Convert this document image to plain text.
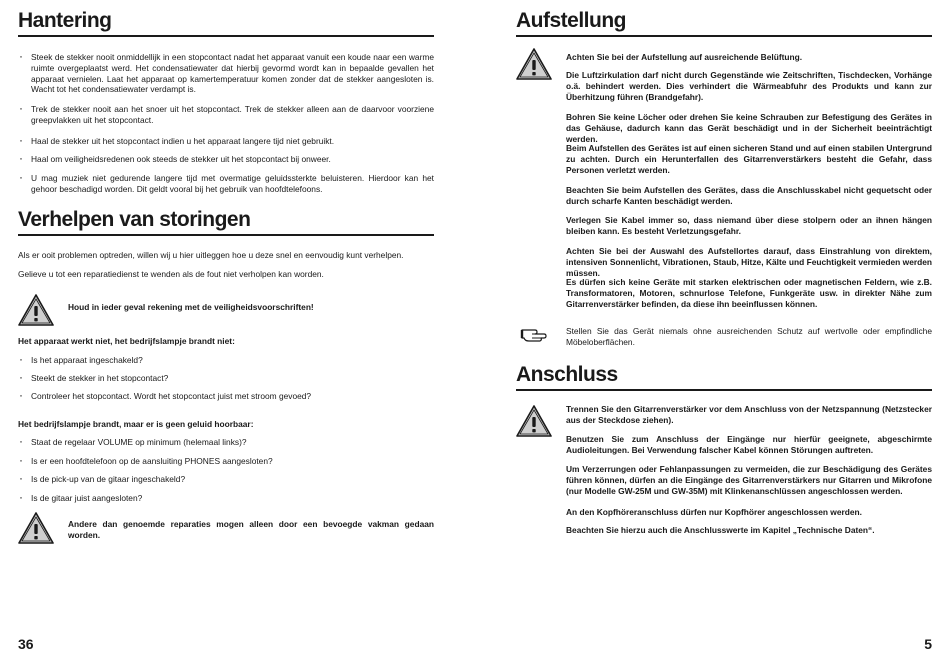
Hantering
· Steek de stekker nooit onmiddellijk in een stopcontact nadat het apparaat vanuit een koude naar een warme ruimte overgeplaatst werd. Het condensatiewater dat hierbij gevormd wordt kan in bepaalde gevallen het apparaat vernielen. Laat het apparaat op kamertemperatuur komen zonder dat de stekker aangesloten is. Wacht tot het condensatiewater verdampt is.
· Trek de stekker nooit aan het snoer uit het stopcontact. Trek de stekker alleen aan de daarvoor voorziene greepvlakken uit het stopcontact.
· Haal de stekker uit het stopcontact indien u het apparaat langere tijd niet gebruikt.
· Haal om veiligheidsredenen ook steeds de stekker uit het stopcontact bij onweer.
· U mag muziek niet gedurende langere tijd met overmatige geluidssterkte beluisteren. Hierdoor kan het gehoor beschadigd worden. Dit geldt vooral bij het gebruik van hoofdtelefoons.
Verhelpen van storingen
Als er ooit problemen optreden, willen wij u hier uitleggen hoe u deze snel en eenvoudig kunt verhelpen.
Gelieve u tot een reparatiedienst te wenden als de fout niet verholpen kan worden.
Houd in ieder geval rekening met de veiligheidsvoorschriften!
Het apparaat werkt niet, het bedrijfslampje brandt niet:
· Is het apparaat ingeschakeld?
· Steekt de stekker in het stopcontact?
· Controleer het stopcontact. Wordt het stopcontact juist met stroom gevoed?
Het bedrijfslampje brandt, maar er is geen geluid hoorbaar:
· Staat de regelaar VOLUME op minimum (helemaal links)?
· Is er een hoofdtelefoon op de aansluiting PHONES aangesloten?
· Is de pick-up van de gitaar ingeschakeld?
· Is de gitaar juist aangesloten?
Andere dan genoemde reparaties mogen alleen door een bevoegde vakman gedaan worden.
36
Aufstellung
Achten Sie bei der Aufstellung auf ausreichende Belüftung.
Die Luftzirkulation darf nicht durch Gegenstände wie Zeitschriften, Tischdecken, Vorhänge o.ä. behindert werden. Dies verhindert die Wärmeabfuhr des Produkts und kann zur Überhitzung führen (Brandgefahr).
Bohren Sie keine Löcher oder drehen Sie keine Schrauben zur Befestigung des Gerätes in das Gehäuse, dadurch kann das Gerät beschädigt und in der Sicherheit beeinträchtigt werden.
Beim Aufstellen des Gerätes ist auf einen sicheren Stand und auf einen stabilen Untergrund zu achten. Durch ein Herunterfallen des Gitarrenverstärkers besteht die Gefahr, dass Personen verletzt werden.
Beachten Sie beim Aufstellen des Gerätes, dass die Anschlusskabel nicht gequetscht oder durch scharfe Kanten beschädigt werden.
Verlegen Sie Kabel immer so, dass niemand über diese stolpern oder an ihnen hängen bleiben kann. Es besteht Verletzungsgefahr.
Achten Sie bei der Auswahl des Aufstellortes darauf, dass Einstrahlung von direktem, intensiven Sonnenlicht, Vibrationen, Staub, Hitze, Kälte und Feuchtigkeit vermieden werden müssen.
Es dürfen sich keine Geräte mit starken elektrischen oder magnetischen Feldern, wie z.B. Transformatoren, Motoren, schnurlose Telefone, Funkgeräte usw. in direkter Nähe zum Gitarrenverstärker befinden, da diese ihn beeinflussen können.
Stellen Sie das Gerät niemals ohne ausreichenden Schutz auf wertvolle oder empfindliche Möbeloberflächen.
Anschluss
Trennen Sie den Gitarrenverstärker vor dem Anschluss von der Netzspannung (Netzstecker aus der Steckdose ziehen).
Benutzen Sie zum Anschluss der Eingänge nur hierfür geeignete, abgeschirmte Audioleitungen. Bei Verwendung falscher Kabel können Störungen auftreten.
Um Verzerrungen oder Fehlanpassungen zu vermeiden, die zur Beschädigung des Gerätes führen können, dürfen an die Eingänge des Gitarrenverstärkers nur Gitarren und Mikrofone (nur Modelle GW-25M und GW-35M) mit Klinkenanschlüssen angeschlossen werden.
An den Kopfhöreranschluss dürfen nur Kopfhörer angeschlossen werden.
Beachten Sie hierzu auch die Anschlusswerte im Kapitel „Technische Daten“.
5
